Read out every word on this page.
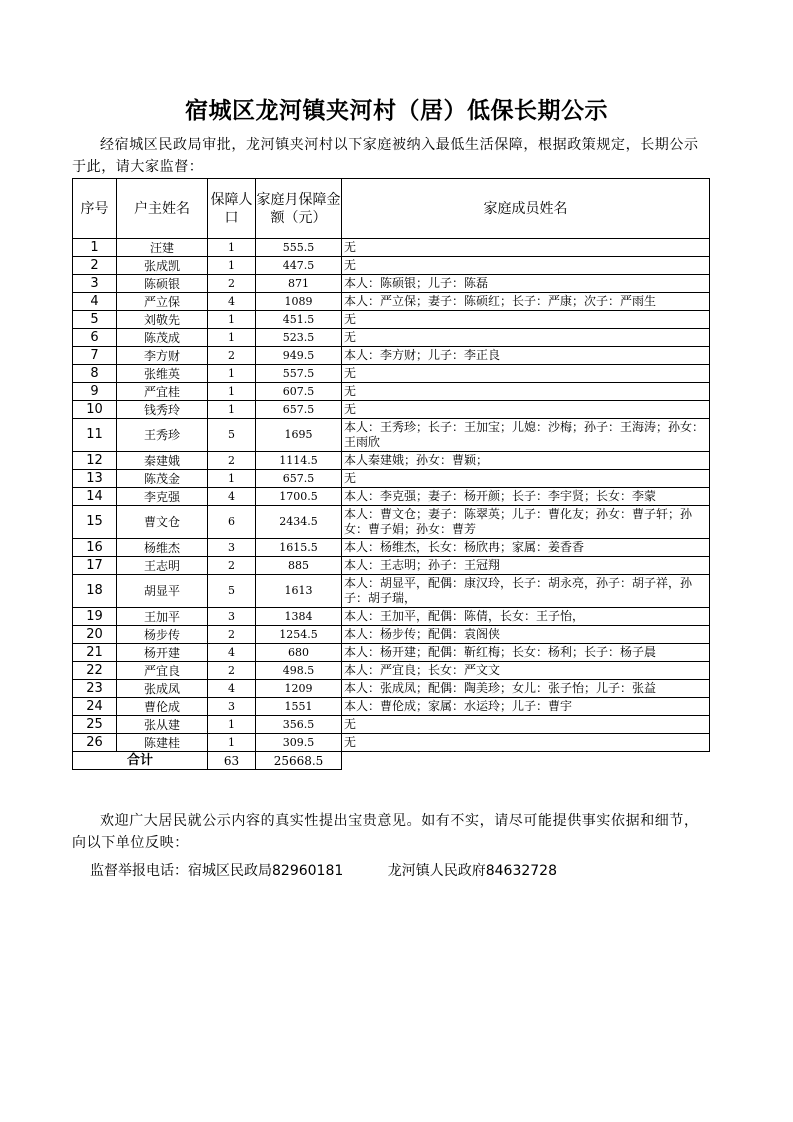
宿城区龙河镇夹河村（居）低保长期公示
经宿城区民政局审批，龙河镇夹河村以下家庭被纳入最低生活保障，根据政策规定，长期公示于此，请大家监督：
序号	户主姓名	保障人口	家庭月保障金额（元）	家庭成员姓名
1	汪建	1	555.5	无
2	张成凯	1	447.5	无
3	陈硕银	2	871	本人：陈硕银；儿子：陈磊
4	严立保	4	1089	本人：严立保；妻子：陈硕红；长子：严康；次子：严雨生
5	刘敬先	1	451.5	无
6	陈茂成	1	523.5	无
7	李方财	2	949.5	本人：李方财；儿子：李正良
8	张维英	1	557.5	无
9	严宜桂	1	607.5	无
10	钱秀玲	1	657.5	无
11	王秀珍	5	1695	本人：王秀珍；长子：王加宝；儿媳：沙梅；孙子：王海涛；孙女：王雨欣
12	秦建娥	2	1114.5	本人秦建娥；孙女：曹颖；
13	陈茂金	1	657.5	无
14	李克强	4	1700.5	本人：李克强；妻子：杨开颜；长子：李宇贤；长女：李蒙
15	曹文仓	6	2434.5	本人：曹文仓；妻子：陈翠英；儿子：曹化友；孙女：曹子轩；孙女：曹子娟；孙女：曹芳
16	杨维杰	3	1615.5	本人：杨维杰，长女：杨欣冉；家属：姜香香
17	王志明	2	885	本人：王志明；孙子：王冠翔
18	胡显平	5	1613	本人：胡显平，配偶：康汉玲，长子：胡永亮，孙子：胡子祥，孙子：胡子瑞，
19	王加平	3	1384	本人：王加平，配偶：陈倩，长女：王子怡，
20	杨步传	2	1254.5	本人：杨步传；配偶：袁阁侠
21	杨开建	4	680	本人：杨开建；配偶：靳红梅；长女：杨利；长子：杨子晨
22	严宜良	2	498.5	本人：严宜良；长女：严文文
23	张成凤	4	1209	本人：张成凤；配偶：陶美珍；女儿：张子怡；儿子：张益
24	曹伦成	3	1551	本人：曹伦成；家属：水运玲；儿子：曹宇
25	张从建	1	356.5	无
26	陈建桂	1	309.5	无
合计		63	25668.5	
欢迎广大居民就公示内容的真实性提出宝贵意见。如有不实，请尽可能提供事实依据和细节，向以下单位反映：
监督举报电话：宿城区民政局82960181	龙河镇人民政府84632728
